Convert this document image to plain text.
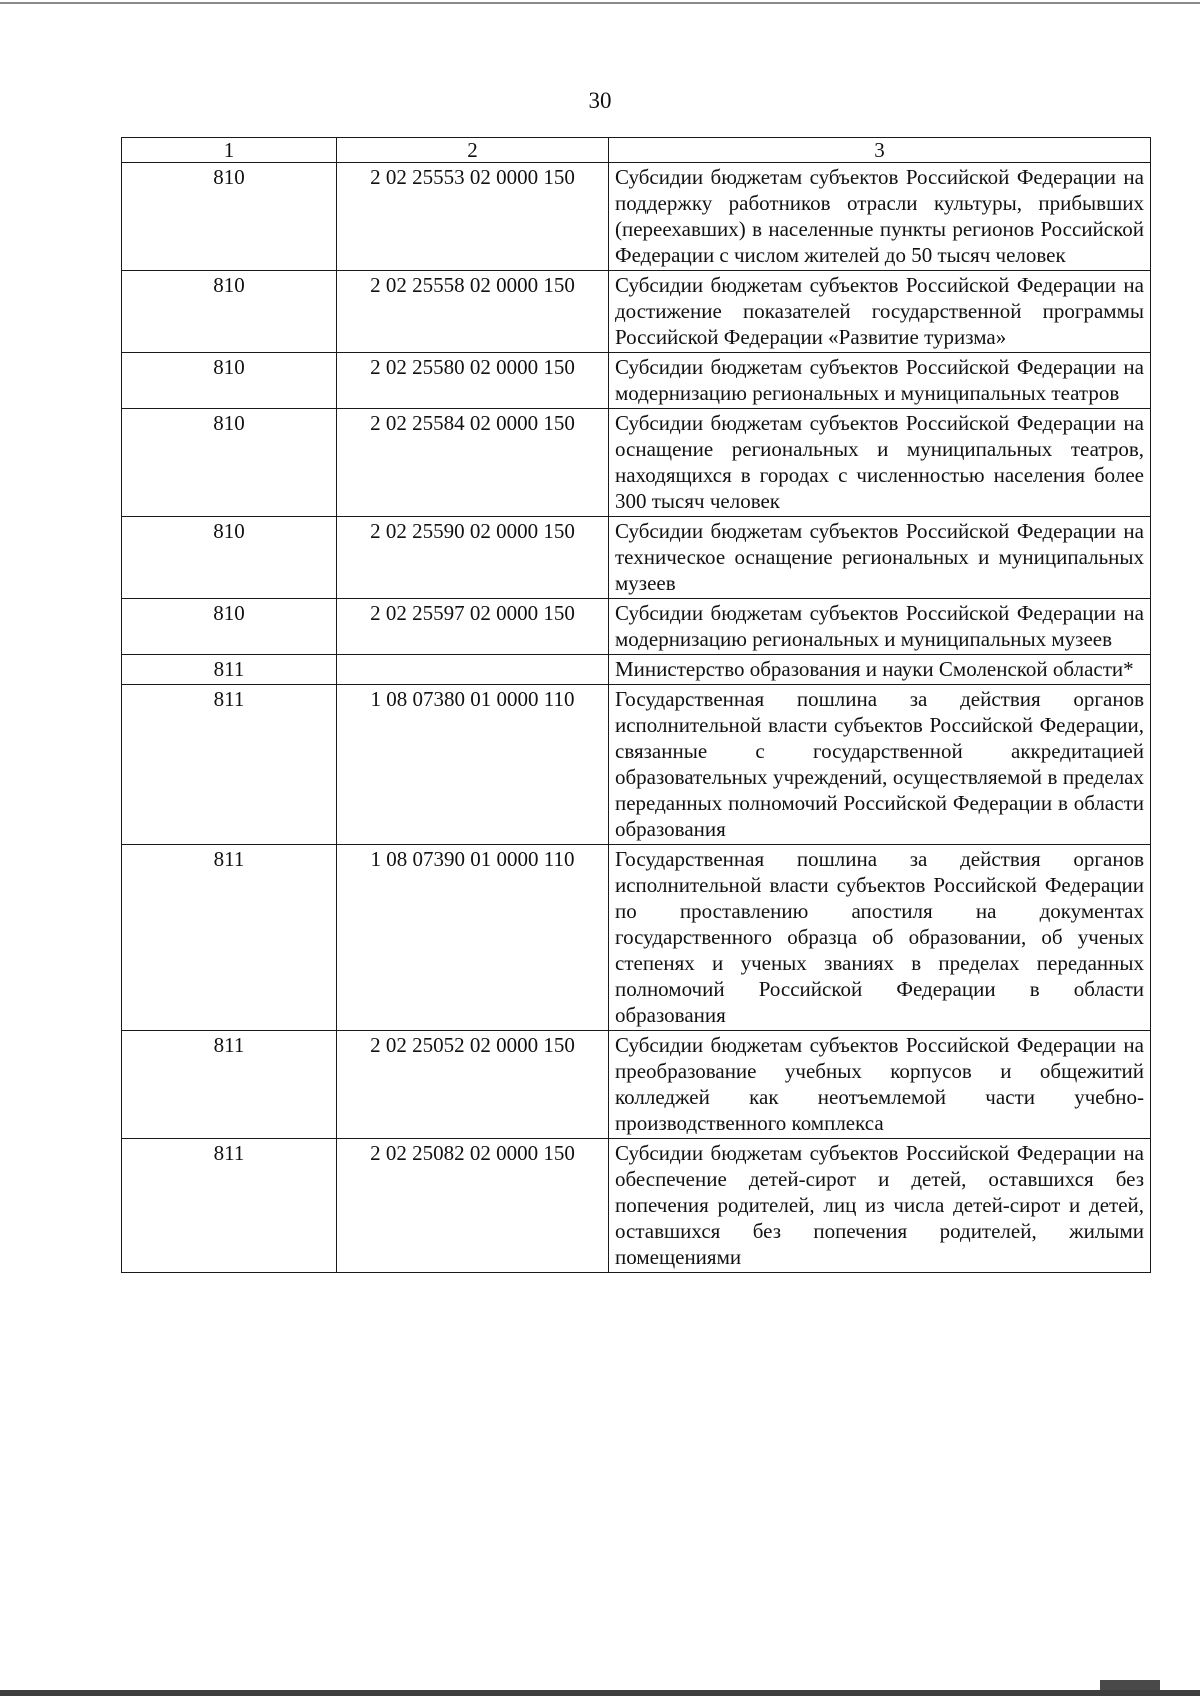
30
1	2	3
810	2 02 25553 02 0000 150	Субсидии бюджетам субъектов Российской Федерации на поддержку работников отрасли культуры, прибывших (переехавших) в населенные пункты регионов Российской Федерации с числом жителей до 50 тысяч человек
810	2 02 25558 02 0000 150	Субсидии бюджетам субъектов Российской Федерации на достижение показателей государственной программы Российской Федерации «Развитие туризма»
810	2 02 25580 02 0000 150	Субсидии бюджетам субъектов Российской Федерации на модернизацию региональных и муниципальных театров
810	2 02 25584 02 0000 150	Субсидии бюджетам субъектов Российской Федерации на оснащение региональных и муниципальных театров, находящихся в городах с численностью населения более 300 тысяч человек
810	2 02 25590 02 0000 150	Субсидии бюджетам субъектов Российской Федерации на техническое оснащение региональных и муниципальных музеев
810	2 02 25597 02 0000 150	Субсидии бюджетам субъектов Российской Федерации на модернизацию региональных и муниципальных музеев
811		Министерство образования и науки Смоленской области*
811	1 08 07380 01 0000 110	Государственная пошлина за действия органов исполнительной власти субъектов Российской Федерации, связанные с государственной аккредитацией образовательных учреждений, осуществляемой в пределах переданных полномочий Российской Федерации в области образования
811	1 08 07390 01 0000 110	Государственная пошлина за действия органов исполнительной власти субъектов Российской Федерации по проставлению апостиля на документах государственного образца об образовании, об ученых степенях и ученых званиях в пределах переданных полномочий Российской Федерации в области образования
811	2 02 25052 02 0000 150	Субсидии бюджетам субъектов Российской Федерации на преобразование учебных корпусов и общежитий колледжей как неотъемлемой части учебно-производственного комплекса
811	2 02 25082 02 0000 150	Субсидии бюджетам субъектов Российской Федерации на обеспечение детей-сирот и детей, оставшихся без попечения родителей, лиц из числа детей-сирот и детей, оставшихся без попечения родителей, жилыми помещениями
